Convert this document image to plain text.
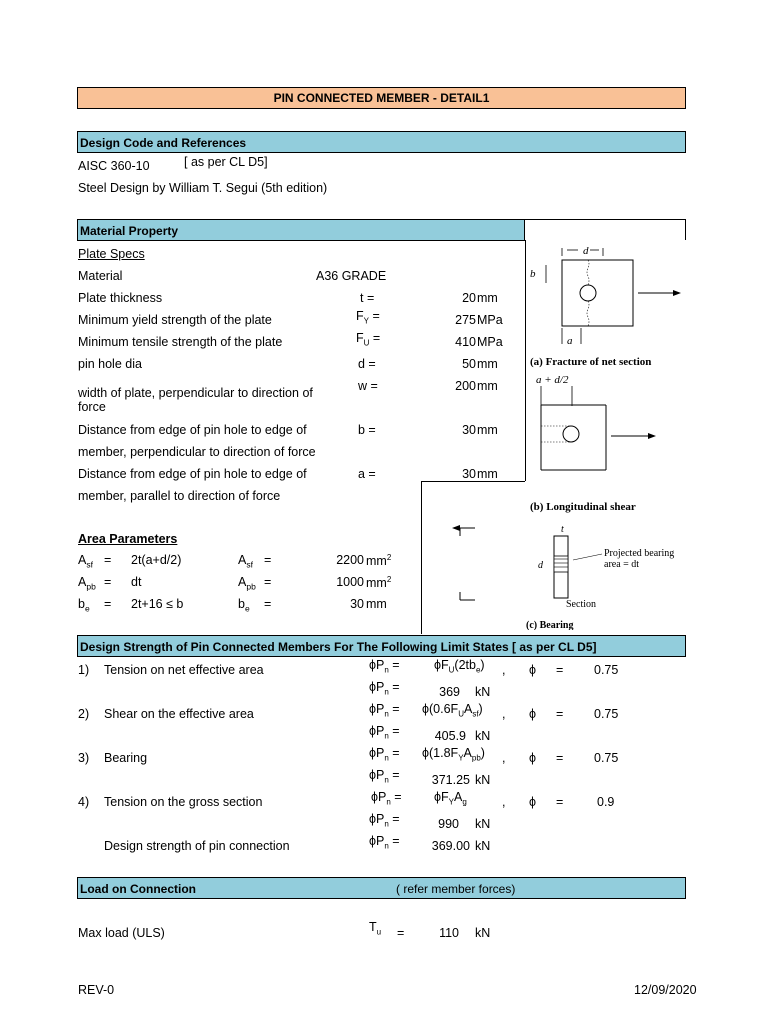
PIN CONNECTED MEMBER - DETAIL1
Design Code and References
AISC 360-10	[ as per CL D5]
Steel Design by William T. Segui (5th edition)
Material Property
Plate Specs
Material	A36 GRADE
Plate thickness	t =	20 mm
Minimum yield strength of the plate	$F_Y$ =	275 MPa
Minimum tensile strength of the plate	$F_U$ =	410 MPa
pin hole dia	d =	50 mm
width of plate, perpendicular to direction of
force
w =	200 mm
Distance from edge of pin hole to edge of
member, perpendicular to direction of force
b =	30 mm
Distance from edge of pin hole to edge of
member, parallel to direction of force
a =	30 mm
Area Parameters
$A_{sf} = 2t(a+d/2)$	$A_{sf}$ =	2200 $mm^2$
$A_{pb}$ = dt	$A_{pb}$ =	1000 $mm^2$
$b_e = 2t+16 \le b$	$b_e$ =	30 mm
d
b
a
(a) Fracture of net section
a + d/2
(b) Longitudinal shear
t
d
Projected bearing
area = dt
Section
(c) Bearing
Design Strength of Pin Connected Members For The Following Limit States [ as per CL D5]
1) Tension on net effective area	$\phi P_n$ =	$\phi F_U(2tb_e)$ , ϕ = 0.75
$\phi P_n$ =	369 kN
2) Shear on the effective area	$\phi P_n = \phi(0.6F_UA_{sf})$ , ϕ = 0.75
$\phi P_n$ =	405.9 kN
3) Bearing	$\phi P_n = \phi(1.8F_YA_{pb})$ , ϕ = 0.75
$\phi P_n$ =	371.25 kN
4) Tension on the gross section	$\phi P_n$ =	$\phi F_YA_g$	, ϕ =	0.9
$\phi P_n$ =	990 kN
Design strength of pin connection	$\phi P_n$ =	369.00 kN
Load on Connection	( refer member forces)
Max load (ULS)	$T_u$ =	110 kN
REV-0	12/09/2020
